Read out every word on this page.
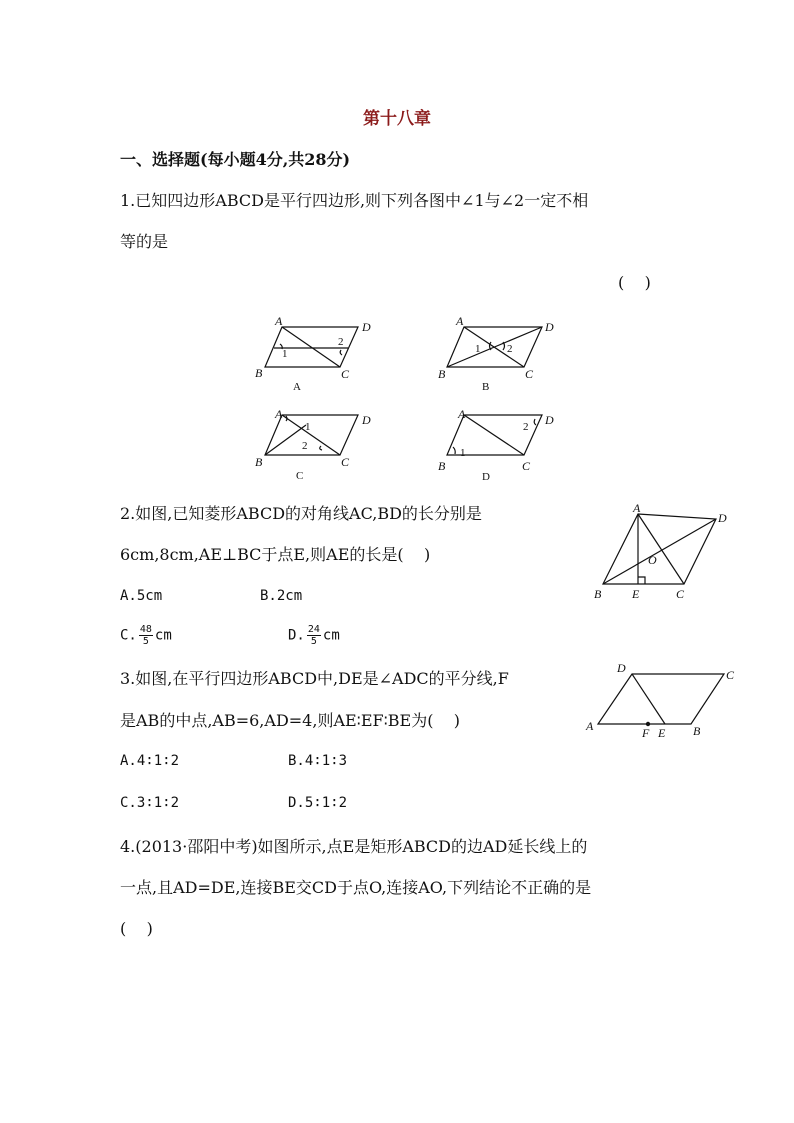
第十八章
一、选择题(每小题4分,共28分)
1.已知四边形ABCD是平行四边形,则下列各图中∠1与∠2一定不相
等的是
(    )
A	D
B	C
1
2
A
A	D
B	C
1 2
B
A	D
B	C
1
2
C
A	D
B	C
1
2
D
2.如图,已知菱形ABCD的对角线AC,BD的长分别是
6cm,8cm,AE⊥BC于点E,则AE的长是(    )
A.5cm	B.2cm
C. $\frac{48}{5}$ cm	D. $\frac{24}{5}$ cm
A
D
B	E	C
O
3.如图,在平行四边形ABCD中,DE是∠ADC的平分线,F
是AB的中点,AB=6,AD=4,则AE∶EF∶BE为(    )
A.4∶1∶2	B.4∶1∶3
C.3∶1∶2	D.5∶1∶2
D	C
A	F E B
4.(2013·邵阳中考)如图所示,点E是矩形ABCD的边AD延长线上的
一点,且AD=DE,连接BE交CD于点O,连接AO,下列结论不正确的是
(    )
